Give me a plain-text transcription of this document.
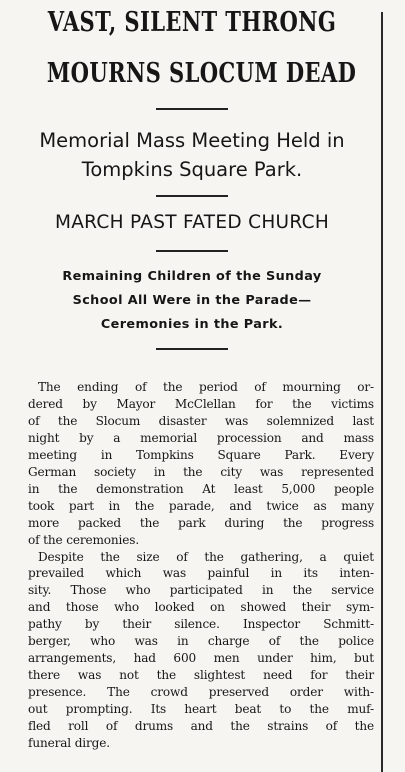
VAST, SILENT THRONG
MOURNS SLOCUM DEAD
Memorial Mass Meeting Held in
Tompkins Square Park.
MARCH PAST FATED CHURCH
Remaining Children of the Sunday
School All Were in the Parade—
Ceremonies in the Park.
The ending of the period of mourning or-
dered by Mayor McClellan for the victims
of the Slocum disaster was solemnized last
night by a memorial procession and mass
meeting in Tompkins Square Park. Every
German society in the city was represented
in the demonstration At least 5,000 people
took part in the parade, and twice as many
more packed the park during the progress
of the ceremonies.
Despite the size of the gathering, a quiet
prevailed which was painful in its inten-
sity. Those who participated in the service
and those who looked on showed their sym-
pathy by their silence. Inspector Schmitt-
berger, who was in charge of the police
arrangements, had 600 men under him, but
there was not the slightest need for their
presence. The crowd preserved order with-
out prompting. Its heart beat to the muf-
fled roll of drums and the strains of the
funeral dirge.
